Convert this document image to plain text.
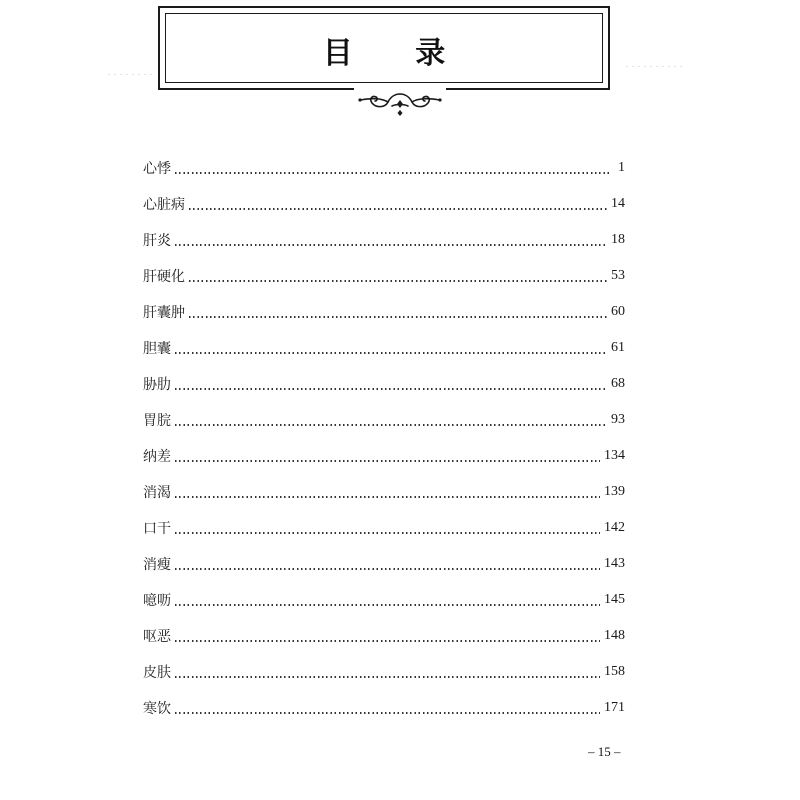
目 录
心悸	1
心脏病	14
肝炎	18
肝硬化	53
肝囊肿	60
胆囊	61
胁肋	68
胃脘	93
纳差	134
消渴	139
口干	142
消瘦	143
噫呖	145
呕恶	148
皮肤	158
寒饮	171
– 15 –
